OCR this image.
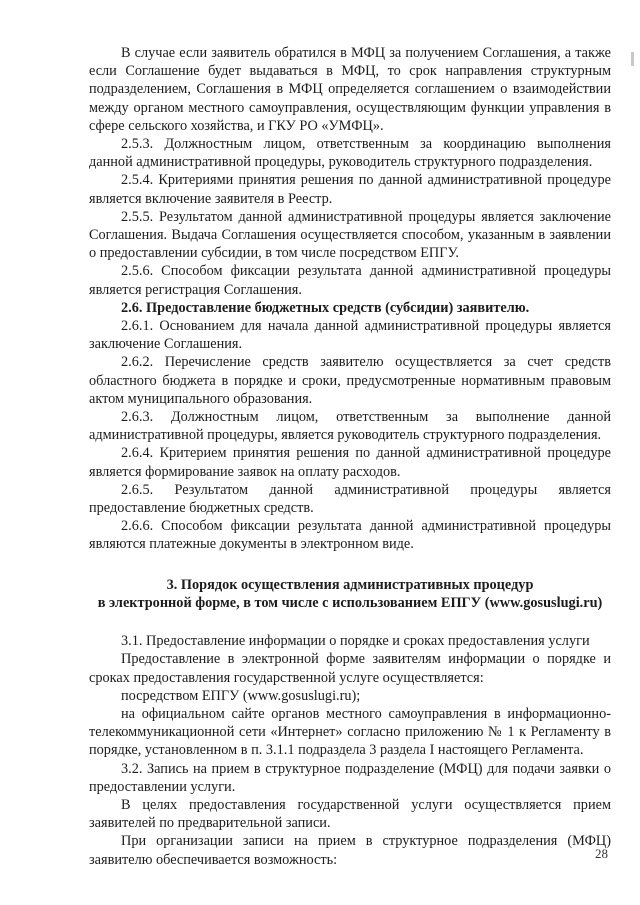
В случае если заявитель обратился в МФЦ за получением Соглашения, а также если Соглашение будет выдаваться в МФЦ, то срок направления структурным подразделением, Соглашения в МФЦ определяется соглашением о взаимодействии между органом местного самоуправления, осуществляющим функции управления в сфере сельского хозяйства, и ГКУ РО «УМФЦ».

2.5.3. Должностным лицом, ответственным за координацию выполнения данной административной процедуры, руководитель структурного подразделения.

2.5.4. Критериями принятия решения по данной административной процедуре является включение заявителя в Реестр.

2.5.5. Результатом данной административной процедуры является заключение Соглашения. Выдача Соглашения осуществляется способом, указанным в заявлении о предоставлении субсидии, в том числе посредством ЕПГУ.

2.5.6. Способом фиксации результата данной административной процедуры является регистрация Соглашения.

2.6. Предоставление бюджетных средств (субсидии) заявителю.

2.6.1. Основанием для начала данной административной процедуры является заключение Соглашения.

2.6.2. Перечисление средств заявителю осуществляется за счет средств областного бюджета в порядке и сроки, предусмотренные нормативным правовым актом муниципального образования.

2.6.3. Должностным лицом, ответственным за выполнение данной административной процедуры, является руководитель структурного подразделения.

2.6.4. Критерием принятия решения по данной административной процедуре является формирование заявок на оплату расходов.

2.6.5. Результатом данной административной процедуры является предоставление бюджетных средств.

2.6.6. Способом фиксации результата данной административной процедуры являются платежные документы в электронном виде.

3. Порядок осуществления административных процедур
в электронной форме, в том числе с использованием ЕПГУ (www.gosuslugi.ru)

3.1. Предоставление информации о порядке и сроках предоставления услуги

Предоставление в электронной форме заявителям информации о порядке и сроках предоставления государственной услуге осуществляется:

посредством ЕПГУ (www.gosuslugi.ru);

на официальном сайте органов местного самоуправления в информационно-телекоммуникационной сети «Интернет» согласно приложению № 1 к Регламенту в порядке, установленном в п. 3.1.1 подраздела 3 раздела I настоящего Регламента.

3.2. Запись на прием в структурное подразделение (МФЦ) для подачи заявки о предоставлении услуги.

В целях предоставления государственной услуги осуществляется прием заявителей по предварительной записи.

При организации записи на прием в структурное подразделения (МФЦ) заявителю обеспечивается возможность:	28
